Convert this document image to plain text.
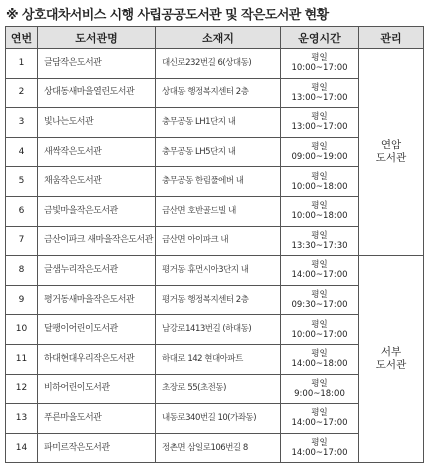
※ 상호대차서비스 시행 사립공공도서관 및 작은도서관 현황
연번	도서관명	소재지	운영시간	관리
1	글담작은도서관	대신로232번길 6(상대동)	평일
10:00~17:00	연암
도서관

2	상대동새마을열린도서관	상대동 행정복지센터 2층	평일
13:00~17:00	

3	빛나는도서관	충무공동 LH1단지 내	평일
13:00~17:00	

4	새싹작은도서관	충무공동 LH5단지 내	평일
09:00~19:00	

5	채움작은도서관	충무공동 한림풀에버 내	평일
10:00~18:00	

6	금빛마을작은도서관	금산면 호반골드빌 내	평일
10:00~18:00	

7	금산이파크 새마을작은도서관	금산면 아이파크 내	평일
13:30~17:30	

8	글샘누리작은도서관	평거동 휴먼시아3단지 내	평일
14:00~17:00	서부
도서관

9	평거동새마을작은도서관	평거동 행정복지센터 2층	평일
09:30~17:00	

10	달팽이어린이도서관	남강로1413번길 (하대동)	평일
10:00~17:00	

11	하대현대우리작은도서관	하대로 142 현대아파트	평일
14:00~18:00	

12	비하어린이도서관	초장로 55(초전동)	평일
9:00~18:00	

13	푸른마을도서관	내동로340번길 10(가좌동)	평일
14:00~17:00	

14	파미르작은도서관	정촌면 삼일로106번길 8	평일
14:00~17:00	
